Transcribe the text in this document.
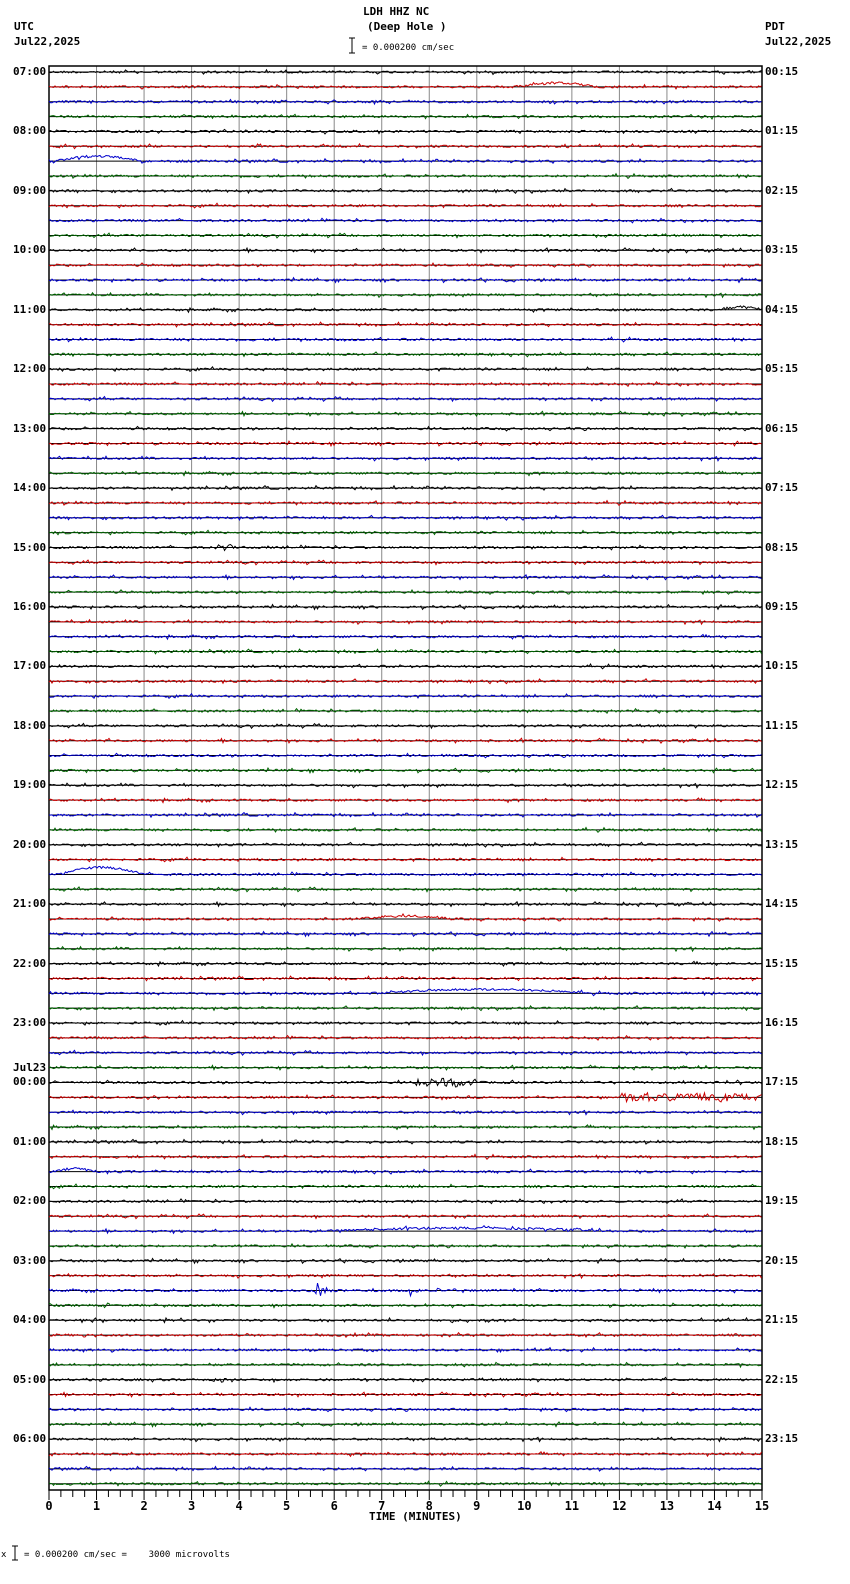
0	1	2	3	4	5	6	7	8	9	10	11	12	13	14	15
LDH HHZ NC
(Deep Hole )
UTC
Jul22,2025
PDT
Jul22,2025
= 0.000200 cm/sec
TIME (MINUTES)
x = 0.000200 cm/sec =    3000 microvolts
07:00	00:15
08:00	01:15
09:00	02:15
10:00	03:15
11:00	04:15
12:00	05:15
13:00	06:15
14:00	07:15
15:00	08:15
16:00	09:15
17:00	10:15
18:00	11:15
19:00	12:15
20:00	13:15
21:00	14:15
22:00	15:15
23:00	16:15
00:00	17:15
01:00	18:15
02:00	19:15
03:00	20:15
04:00	21:15
05:00	22:15
06:00	23:15
Jul23
